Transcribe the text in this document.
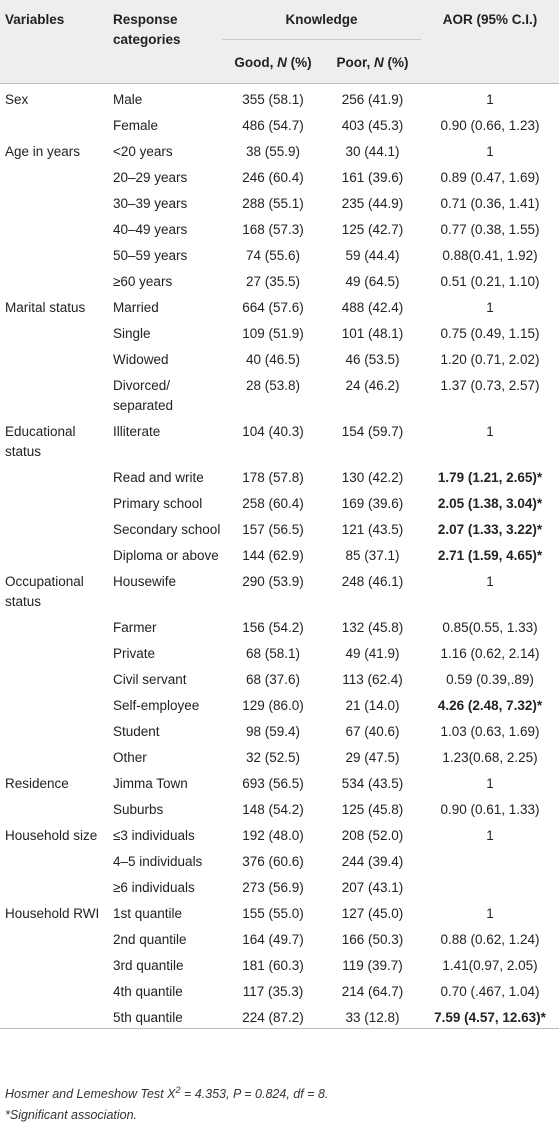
Variables	Response categories	Knowledge		AOR (95% C.I.)
		Good, N (%)	Poor, N (%)	

Sex	Male	355 (58.1)	256 (41.9)	1
	Female	486 (54.7)	403 (45.3)	0.90 (0.66, 1.23)
Age in years	<20 years	38 (55.9)	30 (44.1)	1
	20–29 years	246 (60.4)	161 (39.6)	0.89 (0.47, 1.69)
	30–39 years	288 (55.1)	235 (44.9)	0.71 (0.36, 1.41)
	40–49 years	168 (57.3)	125 (42.7)	0.77 (0.38, 1.55)
	50–59 years	74 (55.6)	59 (44.4)	0.88(0.41, 1.92)
	≥60 years	27 (35.5)	49 (64.5)	0.51 (0.21, 1.10)
Marital status	Married	664 (57.6)	488 (42.4)	1
	Single	109 (51.9)	101 (48.1)	0.75 (0.49, 1.15)
	Widowed	40 (46.5)	46 (53.5)	1.20 (0.71, 2.02)
	Divorced/ separated	28 (53.8)	24 (46.2)	1.37 (0.73, 2.57)
Educational status	Illiterate	104 (40.3)	154 (59.7)	1
	Read and write	178 (57.8)	130 (42.2)	1.79 (1.21, 2.65)*
	Primary school	258 (60.4)	169 (39.6)	2.05 (1.38, 3.04)*
	Secondary school	157 (56.5)	121 (43.5)	2.07 (1.33, 3.22)*
	Diploma or above	144 (62.9)	85 (37.1)	2.71 (1.59, 4.65)*
Occupational status	Housewife	290 (53.9)	248 (46.1)	1
	Farmer	156 (54.2)	132 (45.8)	0.85(0.55, 1.33)
	Private	68 (58.1)	49 (41.9)	1.16 (0.62, 2.14)
	Civil servant	68 (37.6)	113 (62.4)	0.59 (0.39,.89)
	Self-employee	129 (86.0)	21 (14.0)	4.26 (2.48, 7.32)*
	Student	98 (59.4)	67 (40.6)	1.03 (0.63, 1.69)
	Other	32 (52.5)	29 (47.5)	1.23(0.68, 2.25)
Residence	Jimma Town	693 (56.5)	534 (43.5)	1
	Suburbs	148 (54.2)	125 (45.8)	0.90 (0.61, 1.33)
Household size	≤3 individuals	192 (48.0)	208 (52.0)	1
	4–5 individuals	376 (60.6)	244 (39.4)	
	≥6 individuals	273 (56.9)	207 (43.1)	
Household RWI	1st quantile	155 (55.0)	127 (45.0)	1
	2nd quantile	164 (49.7)	166 (50.3)	0.88 (0.62, 1.24)
	3rd quantile	181 (60.3)	119 (39.7)	1.41(0.97, 2.05)
	4th quantile	117 (35.3)	214 (64.7)	0.70 (.467, 1.04)
	5th quantile	224 (87.2)	33 (12.8)	7.59 (4.57, 12.63)*

Hosmer and Lemeshow Test $X^2 = 4.353$, P = 0.824, df = 8.
*Significant association.
